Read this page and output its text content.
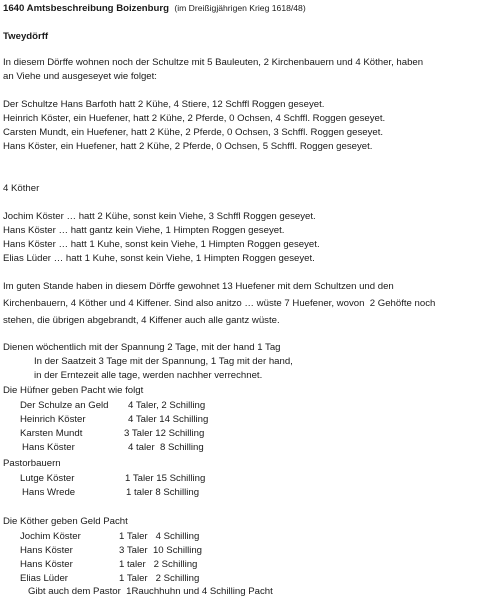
1640 Amtsbeschreibung Boizenburg (im Dreißigjährigen Krieg 1618/48)
Tweydörff
In diesem Dörffe wohnen noch der Schultze mit 5 Bauleuten, 2 Kirchenbauern und 4 Köther, haben
an Viehe und ausgeseyet wie folget:
Der Schultze Hans Barfoth hatt 2 Kühe, 4 Stiere, 12 Schffl Roggen geseyet.
Heinrich Köster, ein Huefener, hatt 2 Kühe, 2 Pferde, 0 Ochsen, 4 Schffl. Roggen geseyet.
Carsten Mundt, ein Huefener, hatt 2 Kühe, 2 Pferde, 0 Ochsen, 3 Schffl. Roggen geseyet.
Hans Köster, ein Huefener, hatt 2 Kühe, 2 Pferde, 0 Ochsen, 5 Schffl. Roggen geseyet.
4 Köther
Jochim Köster … hatt 2 Kühe, sonst kein Viehe, 3 Schffl Roggen geseyet.
Hans Köster … hatt gantz kein Viehe, 1 Himpten Roggen geseyet.
Hans Köster … hatt 1 Kuhe, sonst kein Viehe, 1 Himpten Roggen geseyet.
Elias Lüder … hatt 1 Kuhe, sonst kein Viehe, 1 Himpten Roggen geseyet.
Im guten Stande haben in diesem Dörffe gewohnet 13 Huefener mit dem Schultzen und den
Kirchenbauern, 4 Köther und 4 Kiffener. Sind also anitzo … wüste 7 Huefener, wovon  2 Gehöfte noch
stehen, die übrigen abgebrandt, 4 Kiffener auch alle gantz wüste.
Dienen wöchentlich mit der Spannung 2 Tage, mit der hand 1 Tag
In der Saatzeit 3 Tage mit der Spannung, 1 Tag mit der hand,
in der Erntezeit alle tage, werden nachher verrechnet.
Die Hüfner geben Pacht wie folgt
Der Schulze an Geld 4 Taler, 2 Schilling
Heinrich Köster	4 Taler 14 Schilling
Karsten Mundt	3 Taler 12 Schilling
Hans Köster	4 taler  8 Schilling
Pastorbauern
Lutge Köster	1 Taler 15 Schilling
Hans Wrede	1 taler 8 Schilling
Die Köther geben Geld Pacht
Jochim Köster	1 Taler   4 Schilling
Hans Köster	3 Taler  10 Schilling
Hans Köster	1 taler   2 Schilling
Elias Lüder	1 Taler   2 Schilling
Gibt auch dem Pastor  1Rauchhuhn und 4 Schilling Pacht
